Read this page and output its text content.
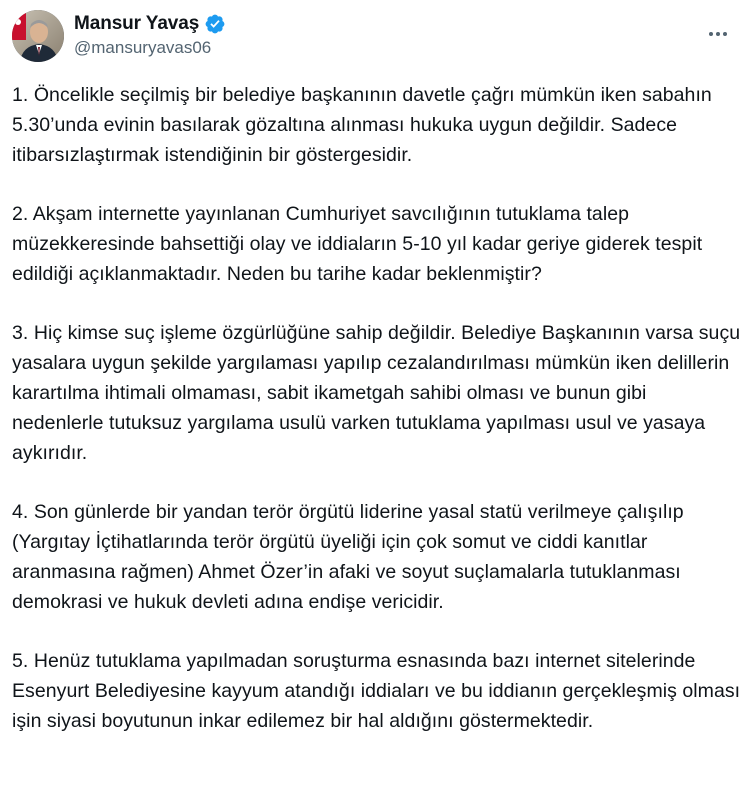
Mansur Yavaş
@mansuryavas06

1. Öncelikle seçilmiş bir belediye başkanının davetle çağrı mümkün iken sabahın 5.30’unda evinin basılarak gözaltına alınması hukuka uygun değildir. Sadece itibarsızlaştırmak istendiğinin bir göstergesidir.

2. Akşam internette yayınlanan Cumhuriyet savcılığının tutuklama talep müzekkeresinde bahsettiği olay ve iddiaların 5-10 yıl kadar geriye giderek tespit edildiği açıklanmaktadır. Neden bu tarihe kadar beklenmiştir?

3. Hiç kimse suç işleme özgürlüğüne sahip değildir. Belediye Başkanının varsa suçu yasalara uygun şekilde yargılaması yapılıp cezalandırılması mümkün iken delillerin karartılma ihtimali olmaması, sabit ikametgah sahibi olması ve bunun gibi nedenlerle tutuksuz yargılama usulü varken tutuklama yapılması usul ve yasaya aykırıdır.

4. Son günlerde bir yandan terör örgütü liderine yasal statü verilmeye çalışılıp (Yargıtay İçtihatlarında terör örgütü üyeliği için çok somut ve ciddi kanıtlar aranmasına rağmen) Ahmet Özer’in afaki ve soyut suçlamalarla tutuklanması demokrasi ve hukuk devleti adına endişe vericidir.

5. Henüz tutuklama yapılmadan soruşturma esnasında bazı internet sitelerinde Esenyurt Belediyesine kayyum atandığı iddiaları ve bu iddianın gerçekleşmiş olması işin siyasi boyutunun inkar edilemez bir hal aldığını göstermektedir.
